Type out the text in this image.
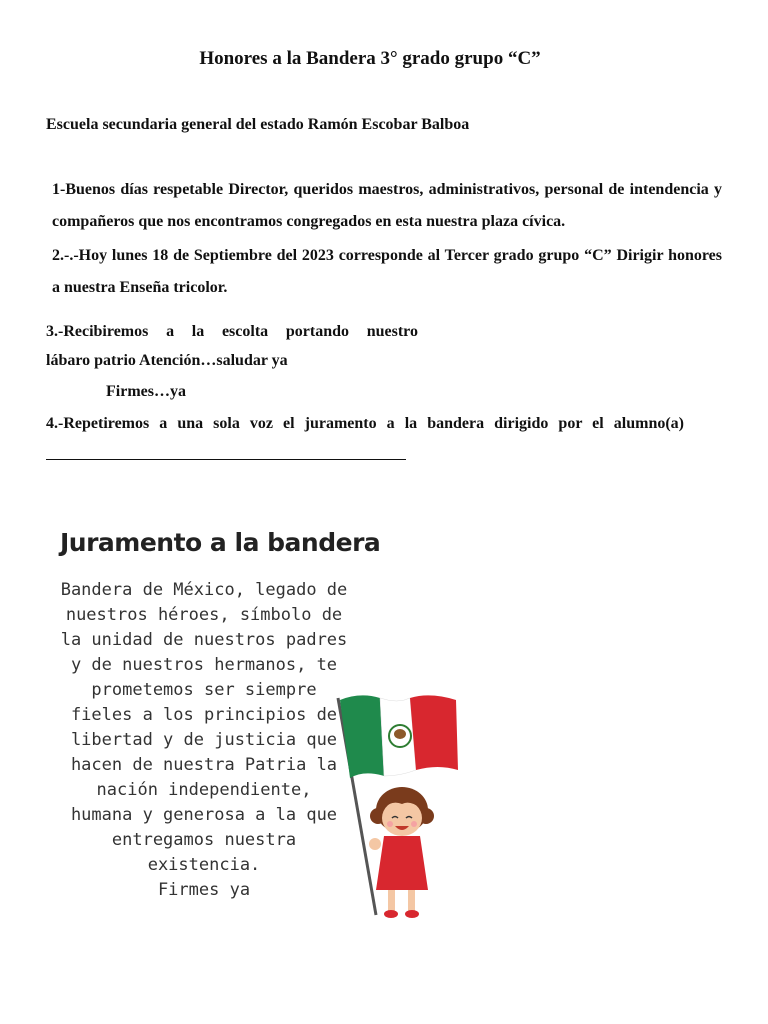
Honores a la Bandera 3° grado grupo “C”
Escuela secundaria general del estado Ramón Escobar Balboa
1-Buenos días respetable Director, queridos maestros, administrativos, personal de intendencia y compañeros que nos encontramos congregados en esta nuestra plaza cívica.
2.-.-Hoy lunes 18 de Septiembre del 2023 corresponde al Tercer grado grupo “C” Dirigir honores a nuestra Enseña tricolor.
3.-Recibiremos a la escolta portando nuestro
lábaro patrio Atención…saludar ya
Firmes…ya
4.-Repetiremos a una sola voz el juramento a la bandera dirigido por el alumno(a)
Juramento a la bandera
Bandera de México, legado de
nuestros héroes, símbolo de
la unidad de nuestros padres
y de nuestros hermanos, te
prometemos ser siempre
fieles a los principios de
libertad y de justicia que
hacen de nuestra Patria la
nación independiente,
humana y generosa a la que
entregamos nuestra
existencia.
Firmes ya
